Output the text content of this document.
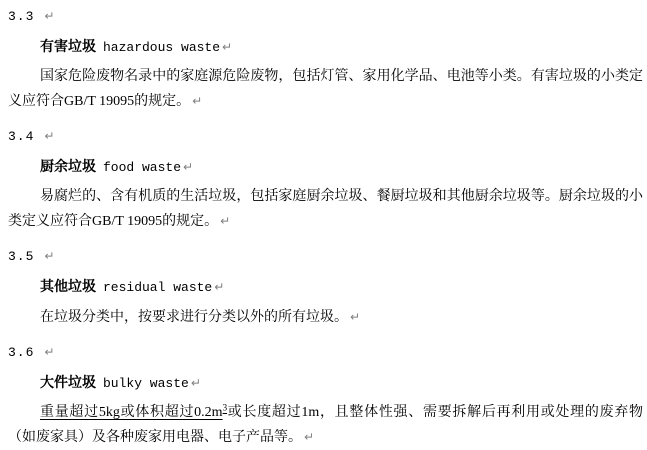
3.3 ↵
有害垃圾 hazardous waste ↵

国家危险废物名录中的家庭源危险废物，包括灯管、家用化学品、电池等小类。有害垃圾的小类定义应符合GB/T 19095的规定。 ↵

3.4 ↵
厨余垃圾 food waste ↵

易腐烂的、含有机质的生活垃圾，包括家庭厨余垃圾、餐厨垃圾和其他厨余垃圾等。厨余垃圾的小类定义应符合GB/T 19095的规定。 ↵

3.5 ↵
其他垃圾 residual waste ↵

在垃圾分类中，按要求进行分类以外的所有垃圾。 ↵

3.6 ↵
大件垃圾 bulky waste ↵

重量超过5kg或体积超过$0.2m^3$或长度超过1m，且整体性强、需要拆解后再利用或处理的废弃物（如废家具）及各种废家用电器、电子产品等。 ↵
